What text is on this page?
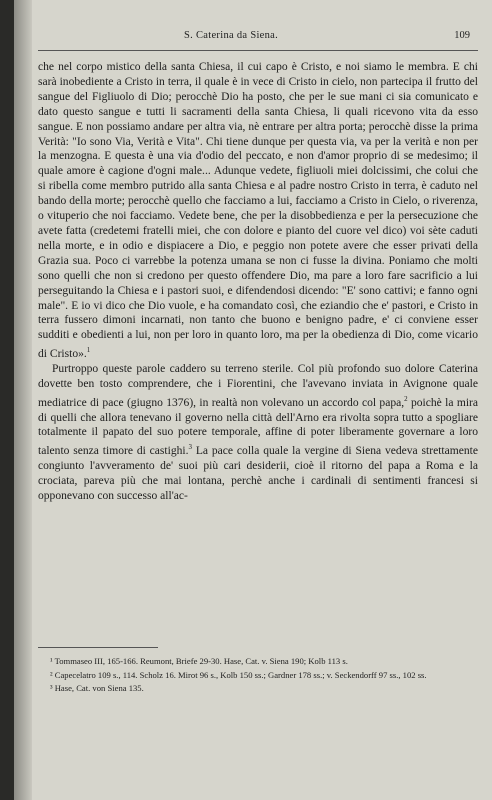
S. Caterina da Siena.	109

che nel corpo mistico della santa Chiesa, il cui capo è Cristo, e noi siamo le membra. E chi sarà inobediente a Cristo in terra, il quale è in vece di Cristo in cielo, non partecipa il frutto del sangue del Figliuolo di Dio; perocchè Dio ha posto, che per le sue mani ci sia comunicato e dato questo sangue e tutti li sacramenti della santa Chiesa, li quali ricevono vita da esso sangue. E non possiamo andare per altra via, nè entrare per altra porta; perocchè disse la prima Verità: "Io sono Via, Verità e Vita". Chi tiene dunque per questa via, va per la verità e non per la menzogna. E questa è una via d'odio del peccato, e non d'amor proprio di se medesimo; il quale amore è cagione d'ogni male... Adunque vedete, figliuoli miei dolcissimi, che colui che si ribella come membro putrido alla santa Chiesa e al padre nostro Cristo in terra, è caduto nel bando della morte; perocchè quello che facciamo a lui, facciamo a Cristo in Cielo, o riverenza, o vituperio che noi facciamo. Vedete bene, che per la disobbedienza e per la persecuzione che avete fatta (credetemi fratelli miei, che con dolore e pianto del cuore vel dico) voi sète caduti nella morte, e in odio e dispiacere a Dio, e peggio non potete avere che esser privati della Grazia sua. Poco ci varrebbe la potenza umana se non ci fusse la divina. Poniamo che molti sono quelli che non si credono per questo offendere Dio, ma pare a loro fare sacrificio a lui perseguitando la Chiesa e i pastori suoi, e difendendosi dicendo: "E' sono cattivi; e fanno ogni male". E io vi dico che Dio vuole, e ha comandato così, che eziandio che e' pastori, e Cristo in terra fussero dimoni incarnati, non tanto che buono e benigno padre, e' ci conviene esser sudditi e obedienti a lui, non per loro in quanto loro, ma per la obedienza di Dio, come vicario di Cristo».$^1$

Purtroppo queste parole caddero su terreno sterile. Col più profondo suo dolore Caterina dovette ben tosto comprendere, che i Fiorentini, che l'avevano inviata in Avignone quale mediatrice di pace (giugno 1376), in realtà non volevano un accordo col papa,$^2$ poichè la mira di quelli che allora tenevano il governo nella città dell'Arno era rivolta sopra tutto a spogliare totalmente il papato del suo potere temporale, affine di poter liberamente governare a loro talento senza timore di castighi.$^3$ La pace colla quale la vergine di Siena vedeva strettamente congiunto l'avveramento de' suoi più cari desiderii, cioè il ritorno del papa a Roma e la crociata, pareva più che mai lontana, perchè anche i cardinali di sentimenti francesi si opponevano con successo all'ac-

¹ Tommaseo III, 165-166. Reumont, Briefe 29-30. Hase, Cat. v. Siena 190; Kolb 113 s.
² Capecelatro 109 s., 114. Scholz 16. Mirot 96 s., Kolb 150 ss.; Gardner 178 ss.; v. Seckendorff 97 ss., 102 ss.
³ Hase, Cat. von Siena 135.
